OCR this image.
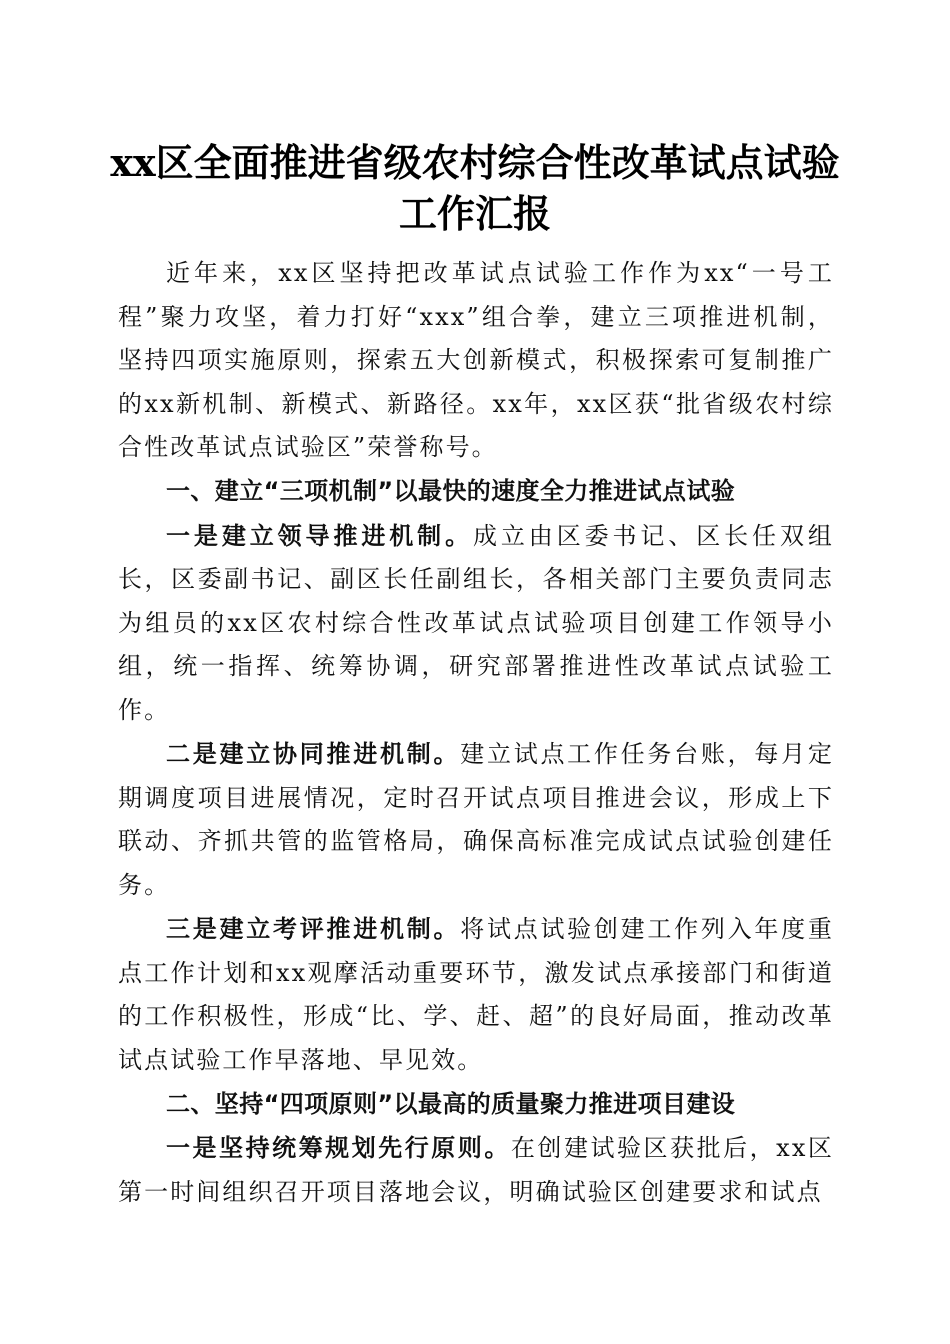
xx区全面推进省级农村综合性改革试点试验
工作汇报

近年来，xx区坚持把改革试点试验工作作为xx“一号工程”聚力攻坚，着力打好“xxx”组合拳，建立三项推进机制，坚持四项实施原则，探索五大创新模式，积极探索可复制推广的xx新机制、新模式、新路径。xx年，xx区获“批省级农村综合性改革试点试验区”荣誉称号。

一、建立“三项机制”以最快的速度全力推进试点试验

一是建立领导推进机制。成立由区委书记、区长任双组长，区委副书记、副区长任副组长，各相关部门主要负责同志为组员的xx区农村综合性改革试点试验项目创建工作领导小组，统一指挥、统筹协调，研究部署推进性改革试点试验工作。

二是建立协同推进机制。建立试点工作任务台账，每月定期调度项目进展情况，定时召开试点项目推进会议，形成上下联动、齐抓共管的监管格局，确保高标准完成试点试验创建任务。

三是建立考评推进机制。将试点试验创建工作列入年度重点工作计划和xx观摩活动重要环节，激发试点承接部门和街道的工作积极性，形成“比、学、赶、超”的良好局面，推动改革试点试验工作早落地、早见效。

二、坚持“四项原则”以最高的质量聚力推进项目建设

一是坚持统筹规划先行原则。在创建试验区获批后，xx区第一时间组织召开项目落地会议，明确试验区创建要求和试点
